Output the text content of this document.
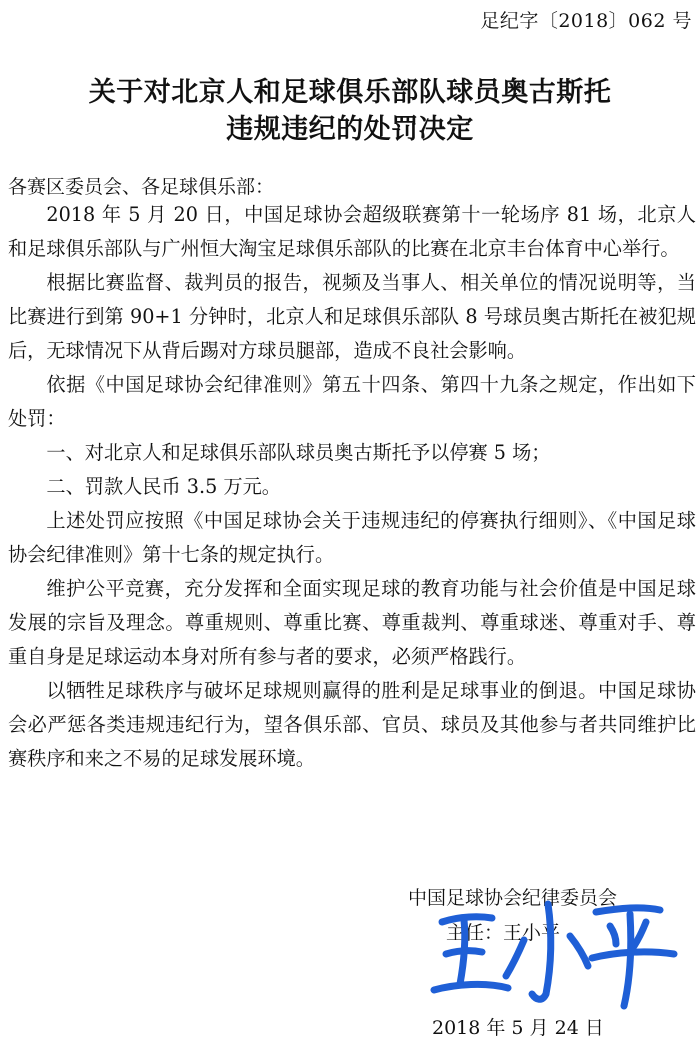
足纪字〔2018〕062 号
关于对北京人和足球俱乐部队球员奥古斯托
违规违纪的处罚决定
各赛区委员会、各足球俱乐部：

2018 年 5 月 20 日，中国足球协会超级联赛第十一轮场序 81 场，北京人和足球俱乐部队与广州恒大淘宝足球俱乐部队的比赛在北京丰台体育中心举行。

根据比赛监督、裁判员的报告，视频及当事人、相关单位的情况说明等，当比赛进行到第 90+1 分钟时，北京人和足球俱乐部队 8 号球员奥古斯托在被犯规后，无球情况下从背后踢对方球员腿部，造成不良社会影响。

依据《中国足球协会纪律准则》第五十四条、第四十九条之规定，作出如下处罚：

一、对北京人和足球俱乐部队球员奥古斯托予以停赛 5 场；

二、罚款人民币 3.5 万元。

上述处罚应按照《中国足球协会关于违规违纪的停赛执行细则》、《中国足球协会纪律准则》第十七条的规定执行。

维护公平竞赛，充分发挥和全面实现足球的教育功能与社会价值是中国足球发展的宗旨及理念。尊重规则、尊重比赛、尊重裁判、尊重球迷、尊重对手、尊重自身是足球运动本身对所有参与者的要求，必须严格践行。

以牺牲足球秩序与破坏足球规则赢得的胜利是足球事业的倒退。中国足球协会必严惩各类违规违纪行为，望各俱乐部、官员、球员及其他参与者共同维护比赛秩序和来之不易的足球发展环境。

中国足球协会纪律委员会
主任：王小平
2018 年 5 月 24 日
